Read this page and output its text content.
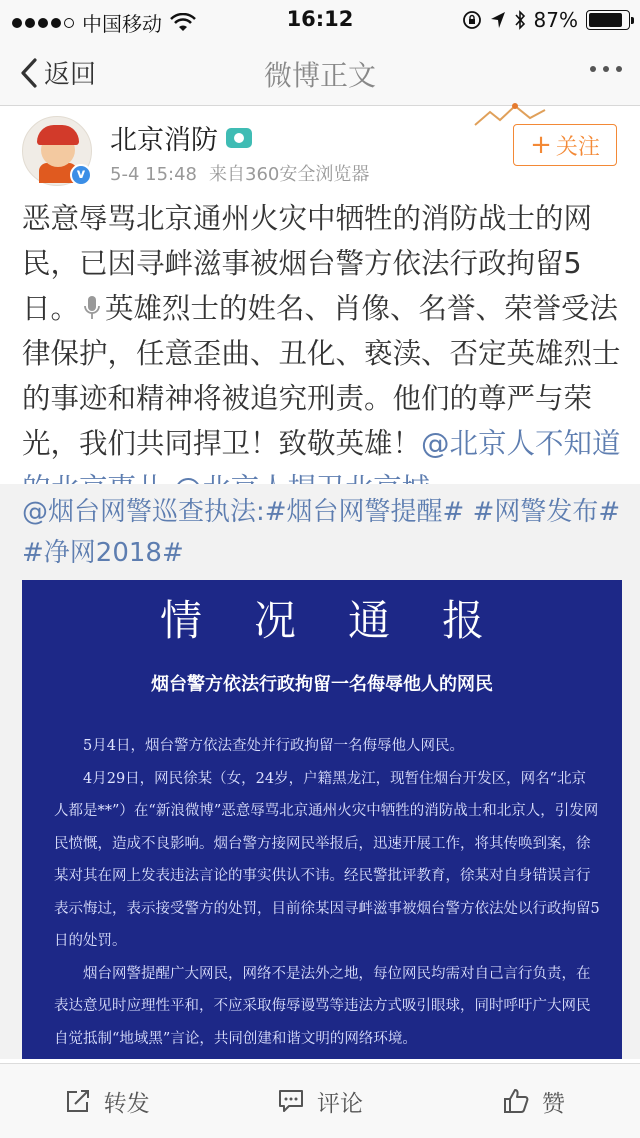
中国移动	16:12	87%
返回	微博正文
v
北京消防
5-4 15:48 来自360安全浏览器
+ 关注
恶意辱骂北京通州火灾中牺牲的消防战士的网民，已因寻衅滋事被烟台警方依法行政拘留5日。 英雄烈士的姓名、肖像、名誉、荣誉受法律保护，任意歪曲、丑化、亵渎、否定英雄烈士的事迹和精神将被追究刑责。他们的尊严与荣光，我们共同捍卫！致敬英雄！@北京人不知道
@烟台网警巡查执法:#烟台网警提醒# #网警发布# #净网2018#
情况通报
烟台警方依法行政拘留一名侮辱他人的网民

5月4日，烟台警方依法查处并行政拘留一名侮辱他人网民。

4月29日，网民徐某（女，24岁，户籍黑龙江，现暂住烟台开发区，网名“北京人都是**”）在“新浪微博”恶意辱骂北京通州火灾中牺牲的消防战士和北京人，引发网民愤慨，造成不良影响。烟台警方接网民举报后，迅速开展工作，将其传唤到案，徐某对其在网上发表违法言论的事实供认不讳。经民警批评教育，徐某对自身错误言行表示悔过，表示接受警方的处罚，目前徐某因寻衅滋事被烟台警方依法处以行政拘留5日的处罚。

烟台网警提醒广大网民，网络不是法外之地，每位网民均需对自己言行负责，在表达意见时应理性平和，不应采取侮辱谩骂等违法方式吸引眼球，同时呼吁广大网民自觉抵制“地域黑”言论，共同创建和谐文明的网络环境。

转发	评论	赞
